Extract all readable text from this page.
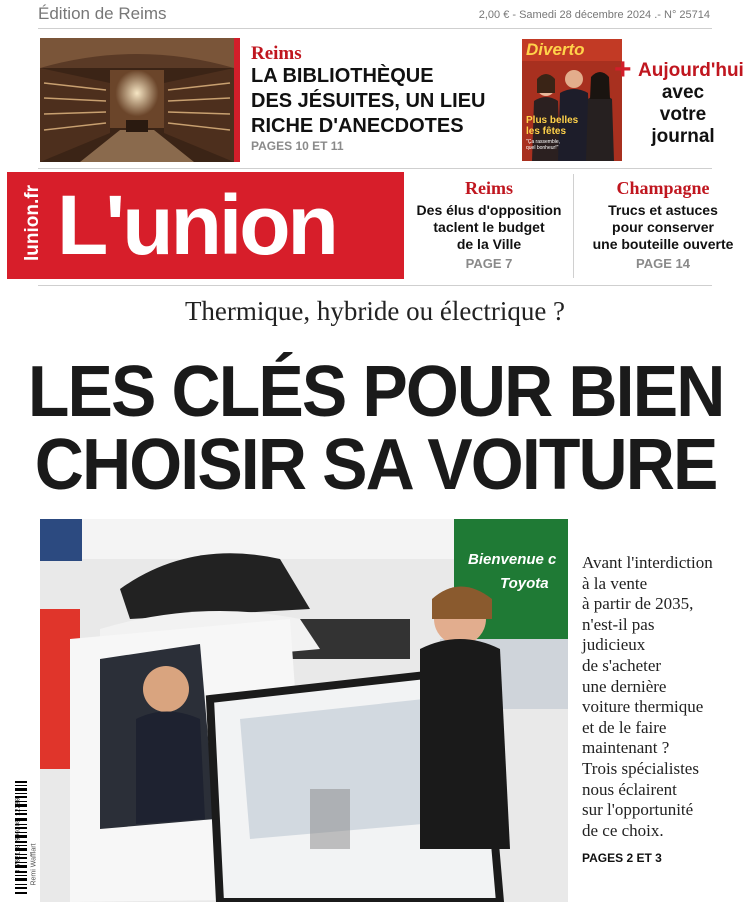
Édition de Reims	2,00 € - Samedi 28 décembre 2024 .- N° 25714
Reims
LA BIBLIOTHÈQUE
DES JÉSUITES, UN LIEU
RICHE D'ANECDOTES
PAGES 10 ET 11
Diverto
Plus belles
les fêtes
"Ça rassemble, quel bonheur!"
+ Aujourd'hui
avec
votre
journal
lunion.fr L'union	Reims
Des élus d'opposition
taclent le budget
de la Ville
PAGE 7
Champagne
Trucs et astuces
pour conserver
une bouteille ouverte
PAGE 14
Thermique, hybride ou électrique ?
LES CLÉS POUR BIEN
CHOISIR SA VOITURE
Bienvenue c
Toyota
3 782118 990208 12280 Remi Wafflart
Avant l'interdiction
à la vente
à partir de 2035,
n'est-il pas
judicieux
de s'acheter
une dernière
voiture thermique
et de le faire
maintenant ?
Trois spécialistes
nous éclairent
sur l'opportunité
de ce choix.
PAGES 2 ET 3
